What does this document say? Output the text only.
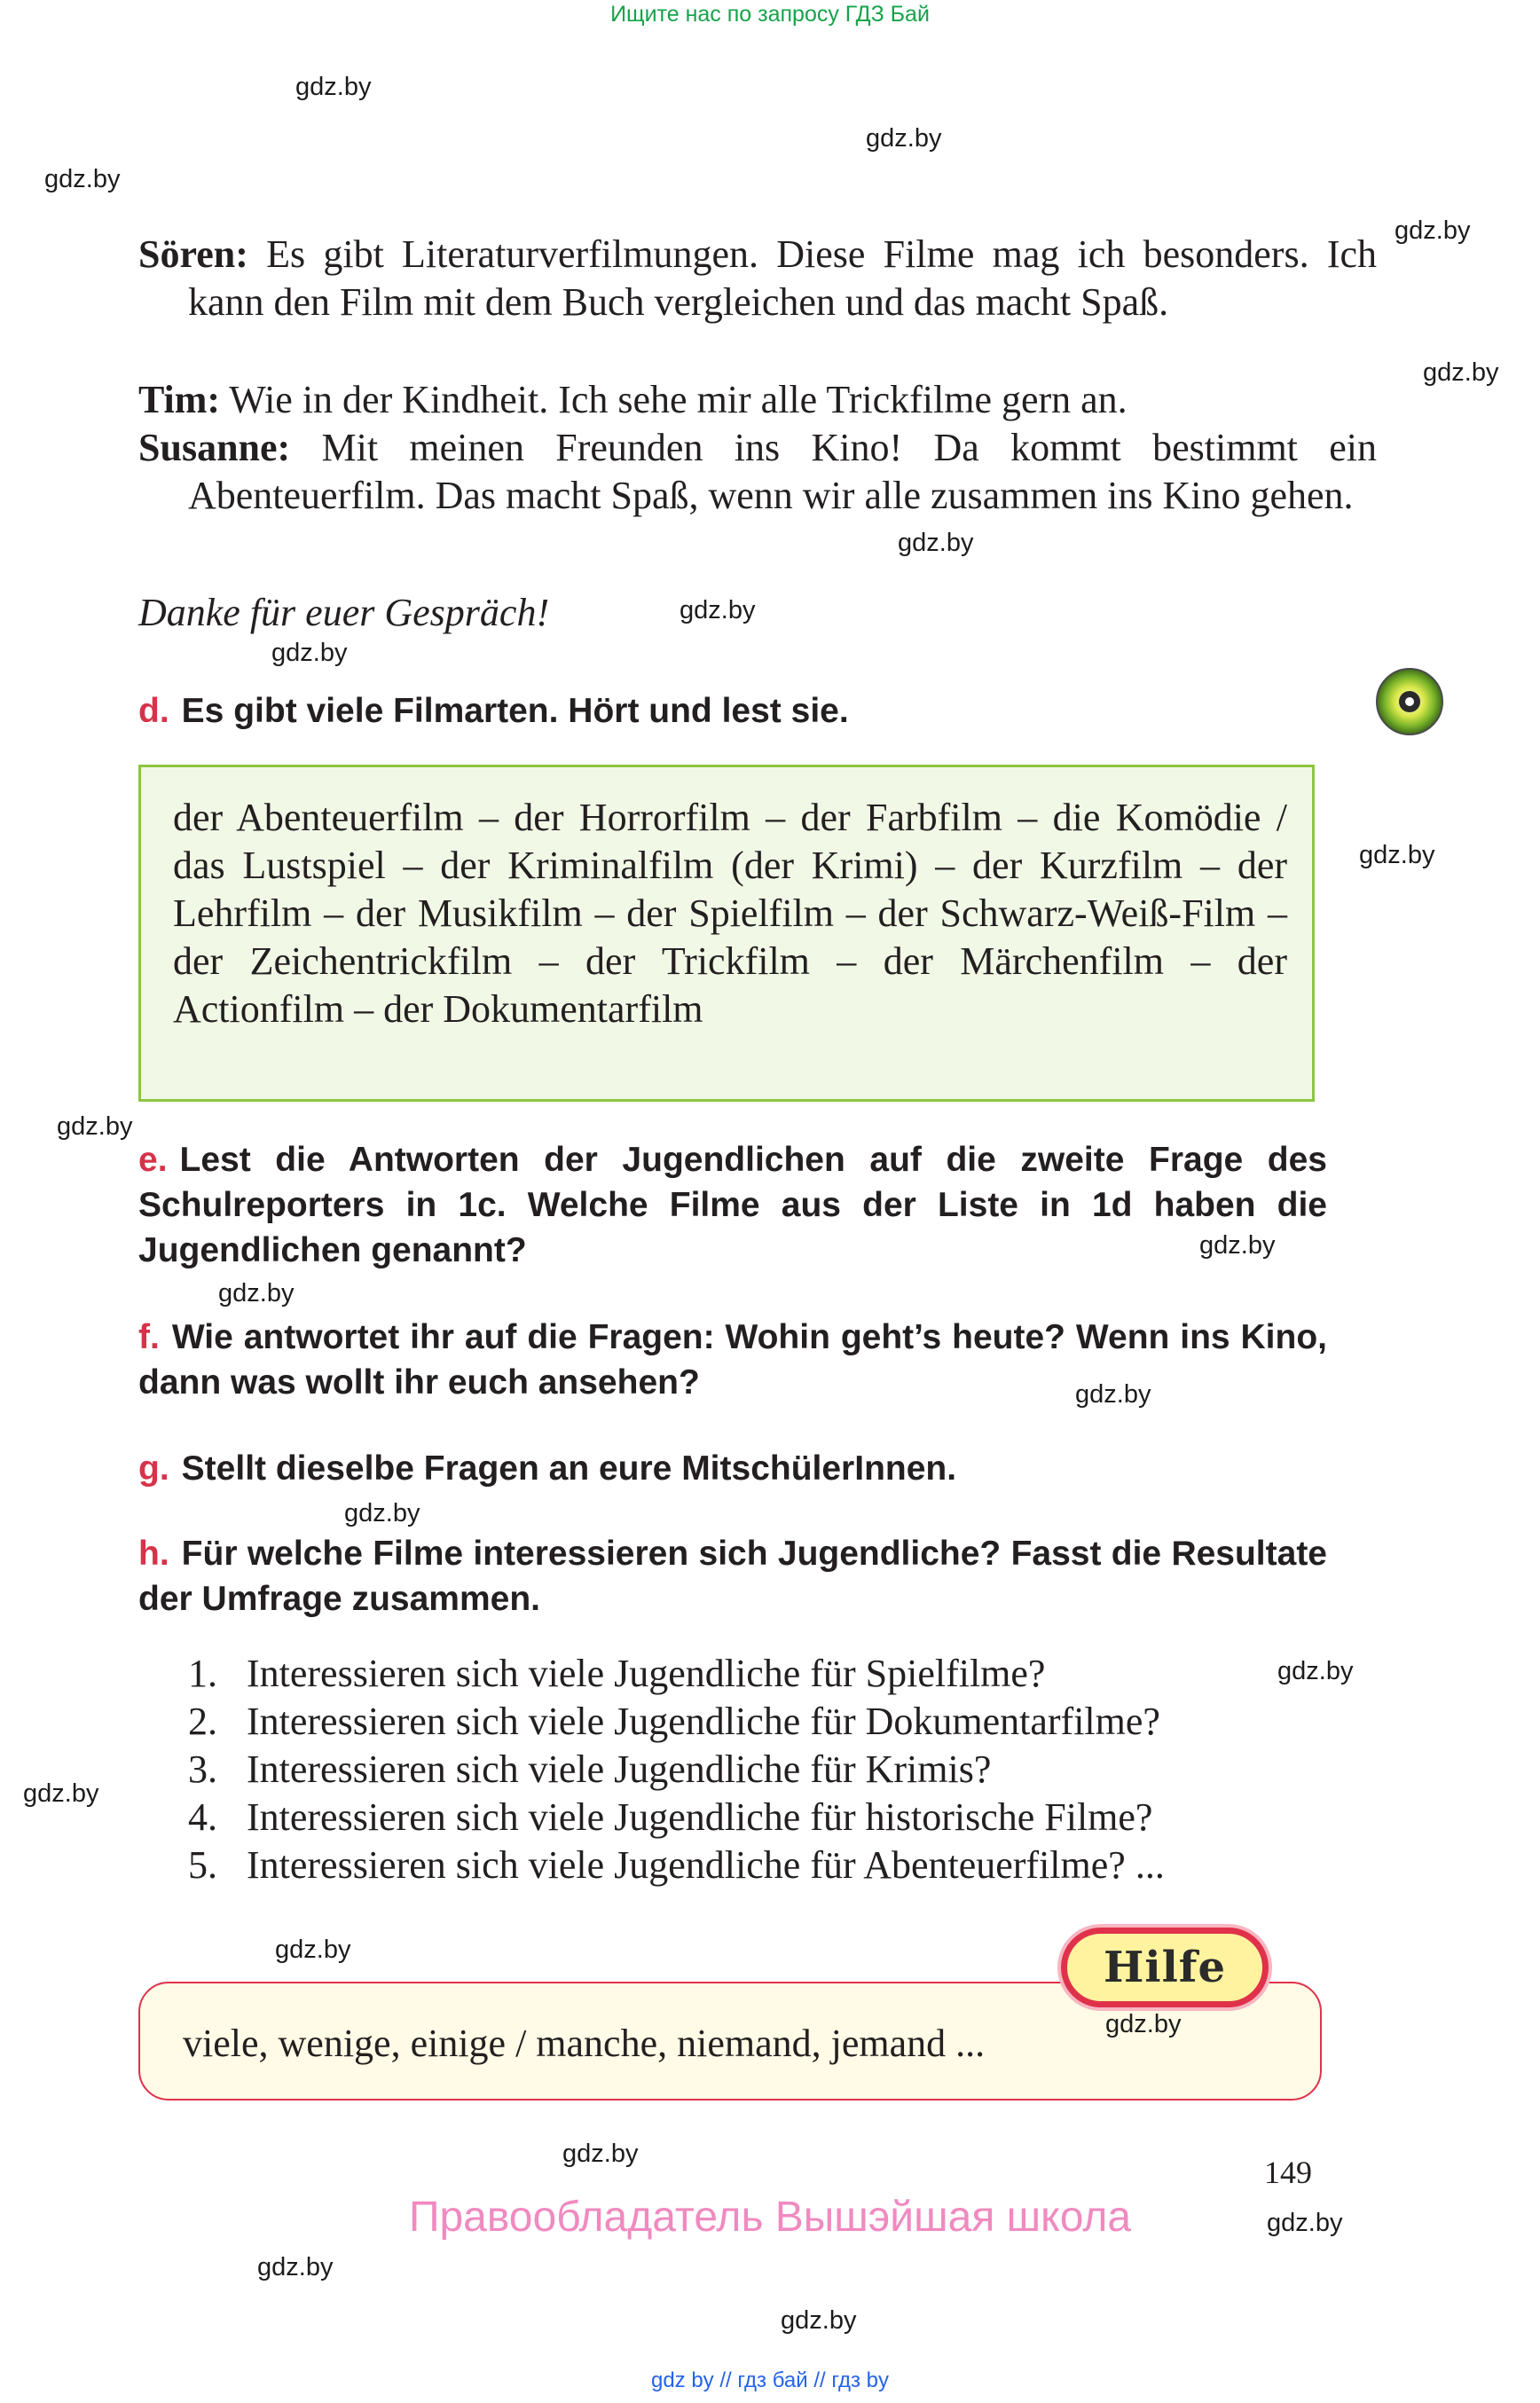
Ищите нас по запросу ГДЗ Бай
gdz.by
gdz.by
gdz.by
gdz.by
gdz.by
gdz.by
gdz.by
gdz.by
gdz.by
gdz.by
gdz.by
gdz.by
gdz.by
gdz.by
gdz.by
gdz.by
gdz.by
gdz.by
gdz.by
gdz.by
gdz.by
Sören: Es gibt Literaturverfilmungen. Diese Filme mag ich besonders. Ich kann den Film mit dem Buch vergleichen und das macht Spaß.
Tim: Wie in der Kindheit. Ich sehe mir alle Trickfilme gern an.
Susanne: Mit meinen Freunden ins Kino! Da kommt bestimmt ein Abenteuerfilm. Das macht Spaß, wenn wir alle zusammen ins Kino gehen.
Danke für euer Gespräch!
d. Es gibt viele Filmarten. Hört und lest sie.
der Abenteuerfilm – der Horrorfilm – der Farbfilm – die Komödie / das Lustspiel – der Kriminalfilm (der Krimi) – der Kurzfilm – der Lehrfilm – der Musikfilm – der Spielfilm – der Schwarz-Weiß-Film – der Zeichentrickfilm – der Trickfilm – der Märchenfilm – der Actionfilm – der Dokumentarfilm
e. Lest die Antworten der Jugendlichen auf die zweite Frage des Schulreporters in 1c. Welche Filme aus der Liste in 1d haben die Jugendlichen genannt?
f. Wie antwortet ihr auf die Fragen: Wohin geht’s heute? Wenn ins Kino, dann was wollt ihr euch ansehen?
g. Stellt dieselbe Fragen an eure MitschülerInnen.
h. Für welche Filme interessieren sich Jugendliche? Fasst die Resultate der Umfrage zusammen.
1. Interessieren sich viele Jugendliche für Spielfilme?
2. Interessieren sich viele Jugendliche für Dokumentarfilme?
3. Interessieren sich viele Jugendliche für Krimis?
4. Interessieren sich viele Jugendliche für historische Filme?
5. Interessieren sich viele Jugendliche für Abenteuerfilme? ...
viele, wenige, einige / manche, niemand, jemand ...
Hilfe
gdz.by
149
Правообладатель Вышэйшая школа
gdz by // гдз бай // гдз by
